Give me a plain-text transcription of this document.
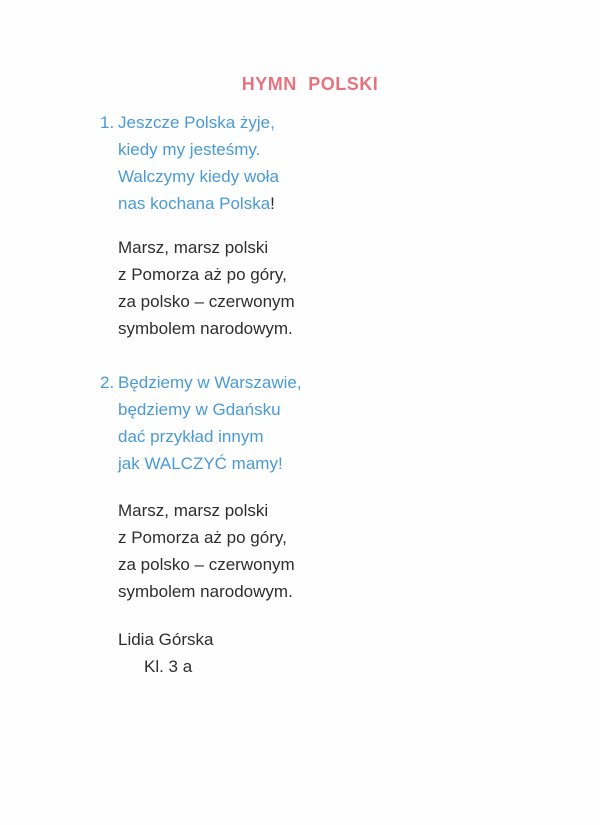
HYMN POLSKI
1. Jeszcze Polska żyje,
kiedy my jesteśmy.
Walczymy kiedy woła
nas kochana Polska!
Marsz, marsz polski
z Pomorza aż po góry,
za polsko – czerwonym
symbolem narodowym.
2. Będziemy w Warszawie,
będziemy w Gdańsku
dać przykład innym
jak WALCZYĆ mamy!
Marsz, marsz polski
z Pomorza aż po góry,
za polsko – czerwonym
symbolem narodowym.
Lidia Górska
Kl. 3 a
